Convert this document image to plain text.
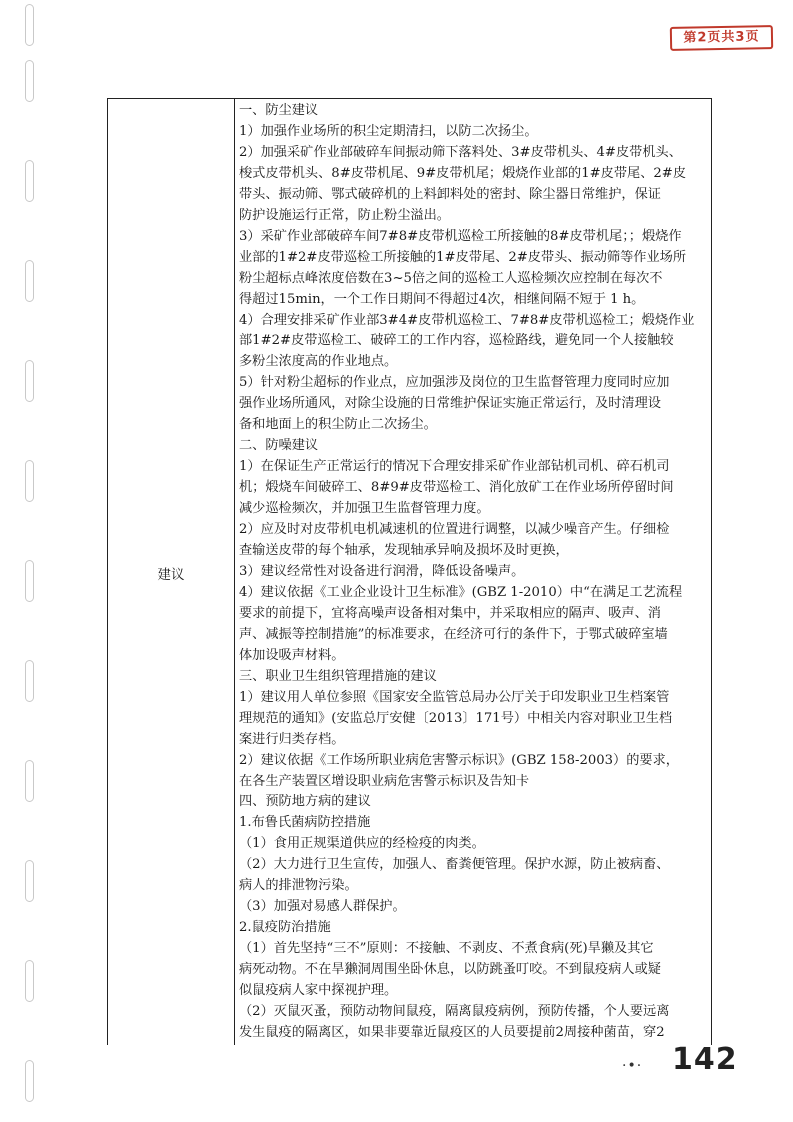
第2页共3页
建议
一、防尘建议
1）加强作业场所的积尘定期清扫，以防二次扬尘。
2）加强采矿作业部破碎车间振动筛下落料处、3#皮带机头、4#皮带机头、
梭式皮带机头、8#皮带机尾、9#皮带机尾；煅烧作业部的1#皮带尾、2#皮
带头、振动筛、鄂式破碎机的上料卸料处的密封、除尘器日常维护，保证
防护设施运行正常，防止粉尘溢出。
3）采矿作业部破碎车间7#8#皮带机巡检工所接触的8#皮带机尾；；煅烧作
业部的1#2#皮带巡检工所接触的1#皮带尾、2#皮带头、振动筛等作业场所
粉尘超标点峰浓度倍数在3~5倍之间的巡检工人巡检频次应控制在每次不
得超过15min，一个工作日期间不得超过4次，相继间隔不短于 1 h。
4）合理安排采矿作业部3#4#皮带机巡检工、7#8#皮带机巡检工；煅烧作业
部1#2#皮带巡检工、破碎工的工作内容，巡检路线，避免同一个人接触较
多粉尘浓度高的作业地点。
5）针对粉尘超标的作业点，应加强涉及岗位的卫生监督管理力度同时应加
强作业场所通风，对除尘设施的日常维护保证实施正常运行，及时清理设
备和地面上的积尘防止二次扬尘。
二、防噪建议
1）在保证生产正常运行的情况下合理安排采矿作业部钻机司机、碎石机司
机；煅烧车间破碎工、8#9#皮带巡检工、消化放矿工在作业场所停留时间
减少巡检频次，并加强卫生监督管理力度。
2）应及时对皮带机电机减速机的位置进行调整，以减少噪音产生。仔细检
查输送皮带的每个轴承，发现轴承异响及损坏及时更换，
3）建议经常性对设备进行润滑，降低设备噪声。
4）建议依据《工业企业设计卫生标准》(GBZ 1-2010）中“在满足工艺流程
要求的前提下，宜将高噪声设备相对集中，并采取相应的隔声、吸声、消
声、减振等控制措施”的标准要求，在经济可行的条件下，于鄂式破碎室墙
体加设吸声材料。
三、职业卫生组织管理措施的建议
1）建议用人单位参照《国家安全监管总局办公厅关于印发职业卫生档案管
理规范的通知》(安监总厅安健〔2013〕171号）中相关内容对职业卫生档
案进行归类存档。
2）建议依据《工作场所职业病危害警示标识》(GBZ 158-2003）的要求，
在各生产装置区增设职业病危害警示标识及告知卡
四、预防地方病的建议
1.布鲁氏菌病防控措施
（1）食用正规渠道供应的经检疫的肉类。
（2）大力进行卫生宣传，加强人、畜粪便管理。保护水源，防止被病畜、
病人的排泄物污染。
（3）加强对易感人群保护。
2.鼠疫防治措施
（1）首先坚持“三不”原则：不接触、不剥皮、不煮食病(死)旱獭及其它
病死动物。不在旱獭洞周围坐卧休息，以防跳蚤叮咬。不到鼠疫病人或疑
似鼠疫病人家中探视护理。
（2）灭鼠灭蚤，预防动物间鼠疫，隔离鼠疫病例，预防传播，个人要远离
发生鼠疫的隔离区，如果非要靠近鼠疫区的人员要提前2周接种菌苗，穿2
·•· 142
